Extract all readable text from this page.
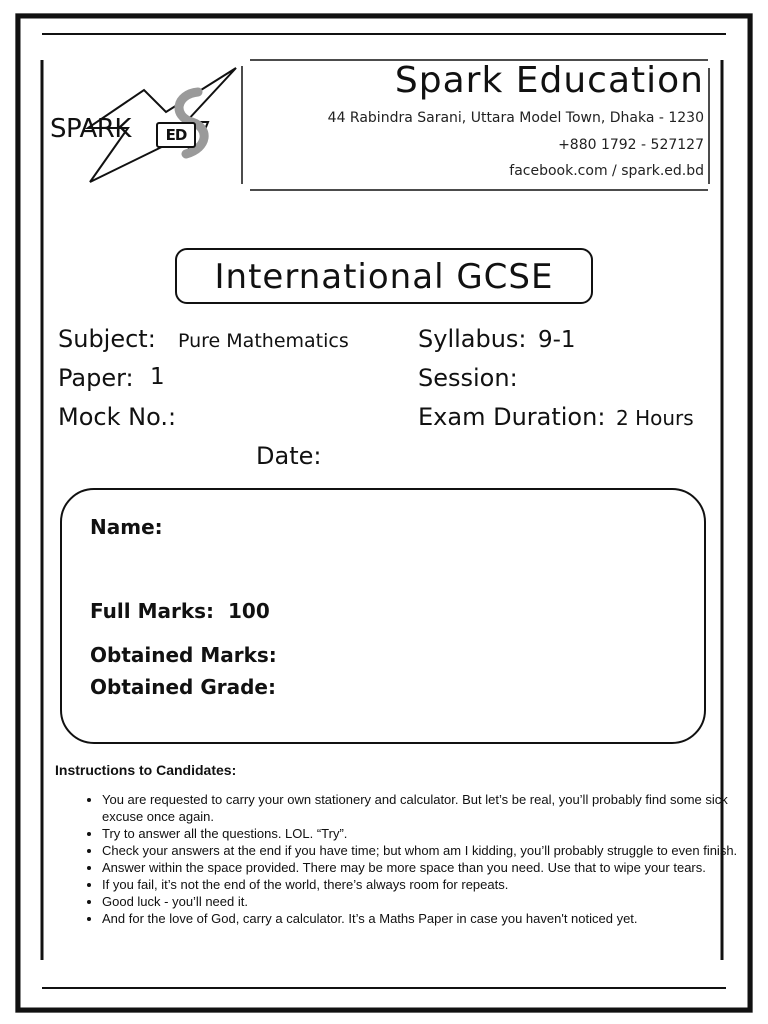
SPARK	ED
Spark Education
44 Rabindra Sarani, Uttara Model Town, Dhaka - 1230
+880 1792 - 527127
facebook.com / spark.ed.bd
International GCSE
Subject: Pure Mathematics	Syllabus: 9-1
Paper: 1	Session:
Mock No.:	Exam Duration: 2 Hours
Date:
Name:
Full Marks: 100
Obtained Marks:
Obtained Grade:
Instructions to Candidates:
• You are requested to carry your own stationery and calculator. But let’s be real, you’ll probably find some sick excuse once again.
• Try to answer all the questions. LOL. “Try”.
• Check your answers at the end if you have time; but whom am I kidding, you’ll probably struggle to even finish.
• Answer within the space provided. There may be more space than you need. Use that to wipe your tears.
• If you fail, it’s not the end of the world, there’s always room for repeats.
• Good luck - you’ll need it.
• And for the love of God, carry a calculator. It’s a Maths Paper in case you haven't noticed yet.
